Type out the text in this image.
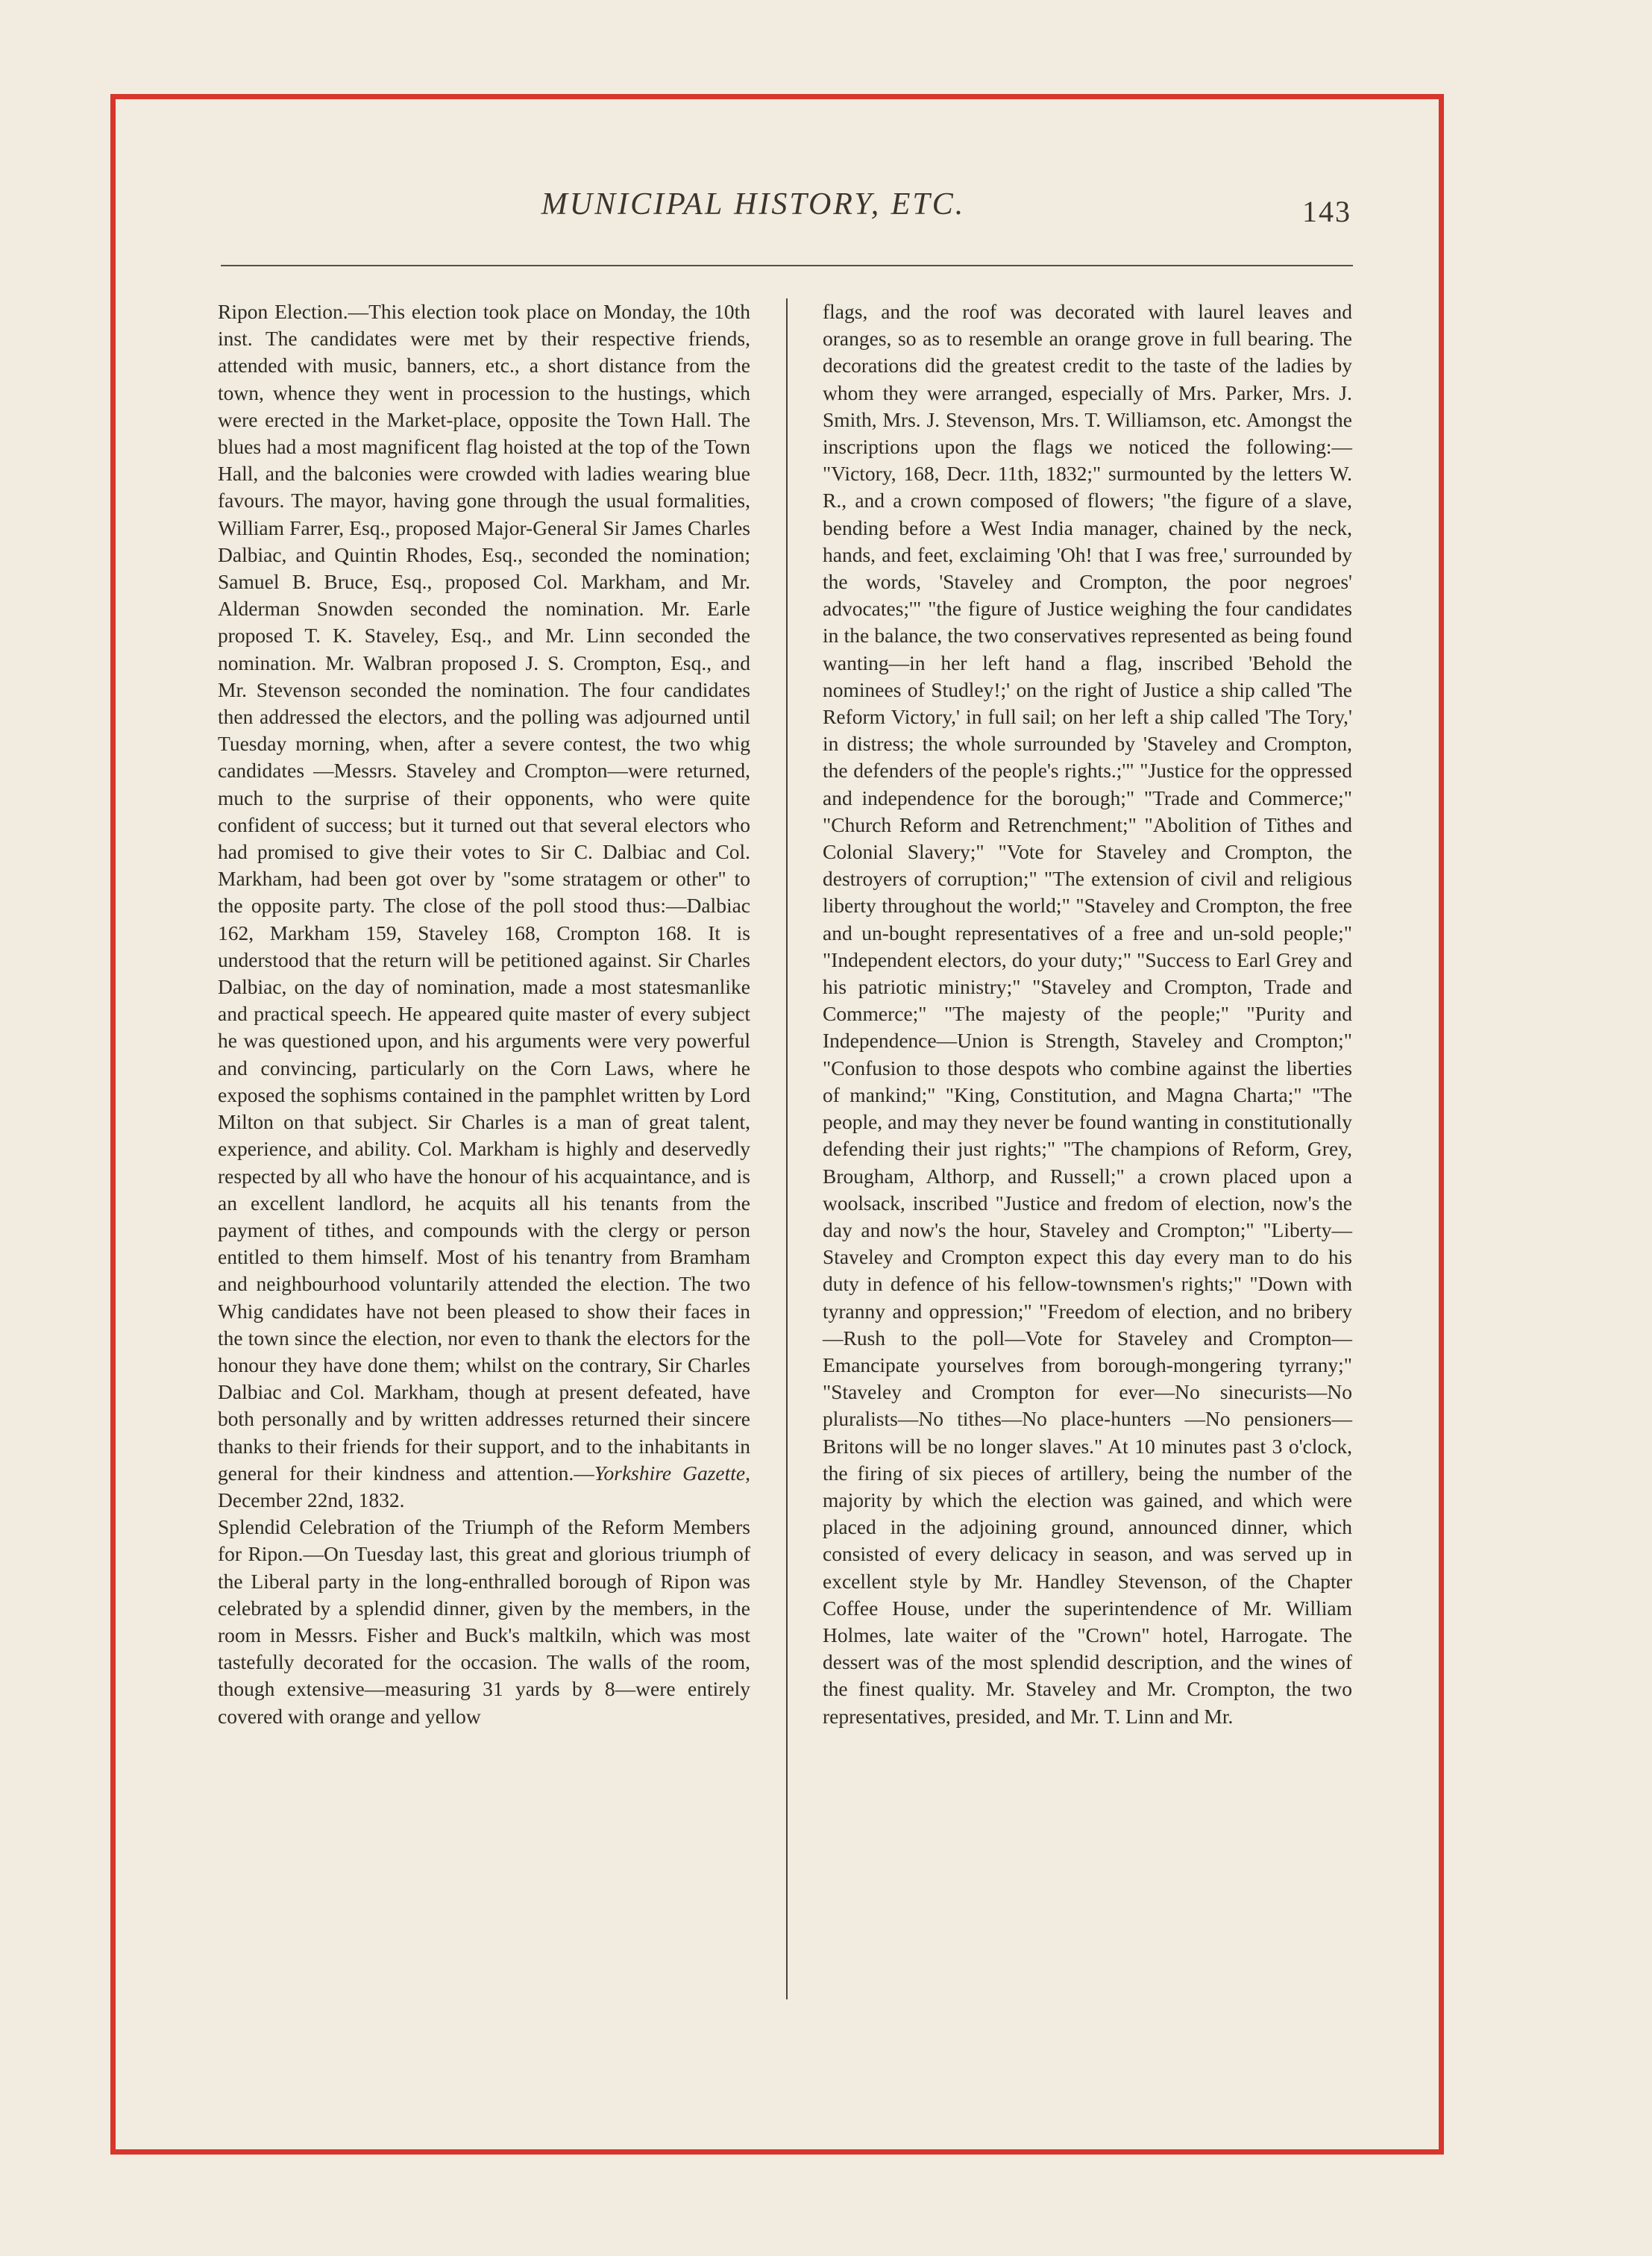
MUNICIPAL HISTORY, ETC.	143

Ripon Election.—This election took place on Monday, the 10th inst. The candidates were met by their respective friends, attended with music, banners, etc., a short distance from the town, whence they went in procession to the hustings, which were erected in the Market-place, opposite the Town Hall. The blues had a most magnificent flag hoisted at the top of the Town Hall, and the balconies were crowded with ladies wearing blue favours. The mayor, having gone through the usual formalities, William Farrer, Esq., proposed Major-General Sir James Charles Dalbiac, and Quintin Rhodes, Esq., seconded the nomination; Samuel B. Bruce, Esq., proposed Col. Markham, and Mr. Alderman Snowden seconded the nomination. Mr. Earle proposed T. K. Staveley, Esq., and Mr. Linn seconded the nomination. Mr. Walbran proposed J. S. Crompton, Esq., and Mr. Stevenson seconded the nomination. The four candidates then addressed the electors, and the polling was adjourned until Tuesday morning, when, after a severe contest, the two whig candidates —Messrs. Staveley and Crompton—were returned, much to the surprise of their opponents, who were quite confident of success; but it turned out that several electors who had promised to give their votes to Sir C. Dalbiac and Col. Markham, had been got over by "some stratagem or other" to the opposite party. The close of the poll stood thus:—Dalbiac 162, Markham 159, Staveley 168, Crompton 168. It is understood that the return will be petitioned against. Sir Charles Dalbiac, on the day of nomination, made a most statesmanlike and practical speech. He appeared quite master of every subject he was questioned upon, and his arguments were very powerful and convincing, particularly on the Corn Laws, where he exposed the sophisms contained in the pamphlet written by Lord Milton on that subject. Sir Charles is a man of great talent, experience, and ability. Col. Markham is highly and deservedly respected by all who have the honour of his acquaintance, and is an excellent landlord, he acquits all his tenants from the payment of tithes, and compounds with the clergy or person entitled to them himself. Most of his tenantry from Bramham and neighbourhood voluntarily attended the election. The two Whig candidates have not been pleased to show their faces in the town since the election, nor even to thank the electors for the honour they have done them; whilst on the contrary, Sir Charles Dalbiac and Col. Markham, though at present defeated, have both personally and by written addresses returned their sincere thanks to their friends for their support, and to the inhabitants in general for their kindness and attention.—Yorkshire Gazette, December 22nd, 1832.

Splendid Celebration of the Triumph of the Reform Members for Ripon.—On Tuesday last, this great and glorious triumph of the Liberal party in the long-enthralled borough of Ripon was celebrated by a splendid dinner, given by the members, in the room in Messrs. Fisher and Buck's maltkiln, which was most tastefully decorated for the occasion. The walls of the room, though extensive—measuring 31 yards by 8—were entirely covered with orange and yellow

flags, and the roof was decorated with laurel leaves and oranges, so as to resemble an orange grove in full bearing. The decorations did the greatest credit to the taste of the ladies by whom they were arranged, especially of Mrs. Parker, Mrs. J. Smith, Mrs. J. Stevenson, Mrs. T. Williamson, etc. Amongst the inscriptions upon the flags we noticed the following:— "Victory, 168, Decr. 11th, 1832;" surmounted by the letters W. R., and a crown composed of flowers; "the figure of a slave, bending before a West India manager, chained by the neck, hands, and feet, exclaiming 'Oh! that I was free,' surrounded by the words, 'Staveley and Crompton, the poor negroes' advocates;'" "the figure of Justice weighing the four candidates in the balance, the two conservatives represented as being found wanting—in her left hand a flag, inscribed 'Behold the nominees of Studley!;' on the right of Justice a ship called 'The Reform Victory,' in full sail; on her left a ship called 'The Tory,' in distress; the whole surrounded by 'Staveley and Crompton, the defenders of the people's rights.;'" "Justice for the oppressed and independence for the borough;" "Trade and Commerce;" "Church Reform and Retrenchment;" "Abolition of Tithes and Colonial Slavery;" "Vote for Staveley and Crompton, the destroyers of corruption;" "The extension of civil and religious liberty throughout the world;" "Staveley and Crompton, the free and un-bought representatives of a free and un-sold people;" "Independent electors, do your duty;" "Success to Earl Grey and his patriotic ministry;" "Staveley and Crompton, Trade and Commerce;" "The majesty of the people;" "Purity and Independence—Union is Strength, Staveley and Crompton;" "Confusion to those despots who combine against the liberties of mankind;" "King, Constitution, and Magna Charta;" "The people, and may they never be found wanting in constitutionally defending their just rights;" "The champions of Reform, Grey, Brougham, Althorp, and Russell;" a crown placed upon a woolsack, inscribed "Justice and fredom of election, now's the day and now's the hour, Staveley and Crompton;" "Liberty—Staveley and Crompton expect this day every man to do his duty in defence of his fellow-townsmen's rights;" "Down with tyranny and oppression;" "Freedom of election, and no bribery—Rush to the poll—Vote for Staveley and Crompton—Emancipate yourselves from borough-mongering tyrrany;" "Staveley and Crompton for ever—No sinecurists—No pluralists—No tithes—No place-hunters —No pensioners—Britons will be no longer slaves." At 10 minutes past 3 o'clock, the firing of six pieces of artillery, being the number of the majority by which the election was gained, and which were placed in the adjoining ground, announced dinner, which consisted of every delicacy in season, and was served up in excellent style by Mr. Handley Stevenson, of the Chapter Coffee House, under the superintendence of Mr. William Holmes, late waiter of the "Crown" hotel, Harrogate. The dessert was of the most splendid description, and the wines of the finest quality. Mr. Staveley and Mr. Crompton, the two representatives, presided, and Mr. T. Linn and Mr.
